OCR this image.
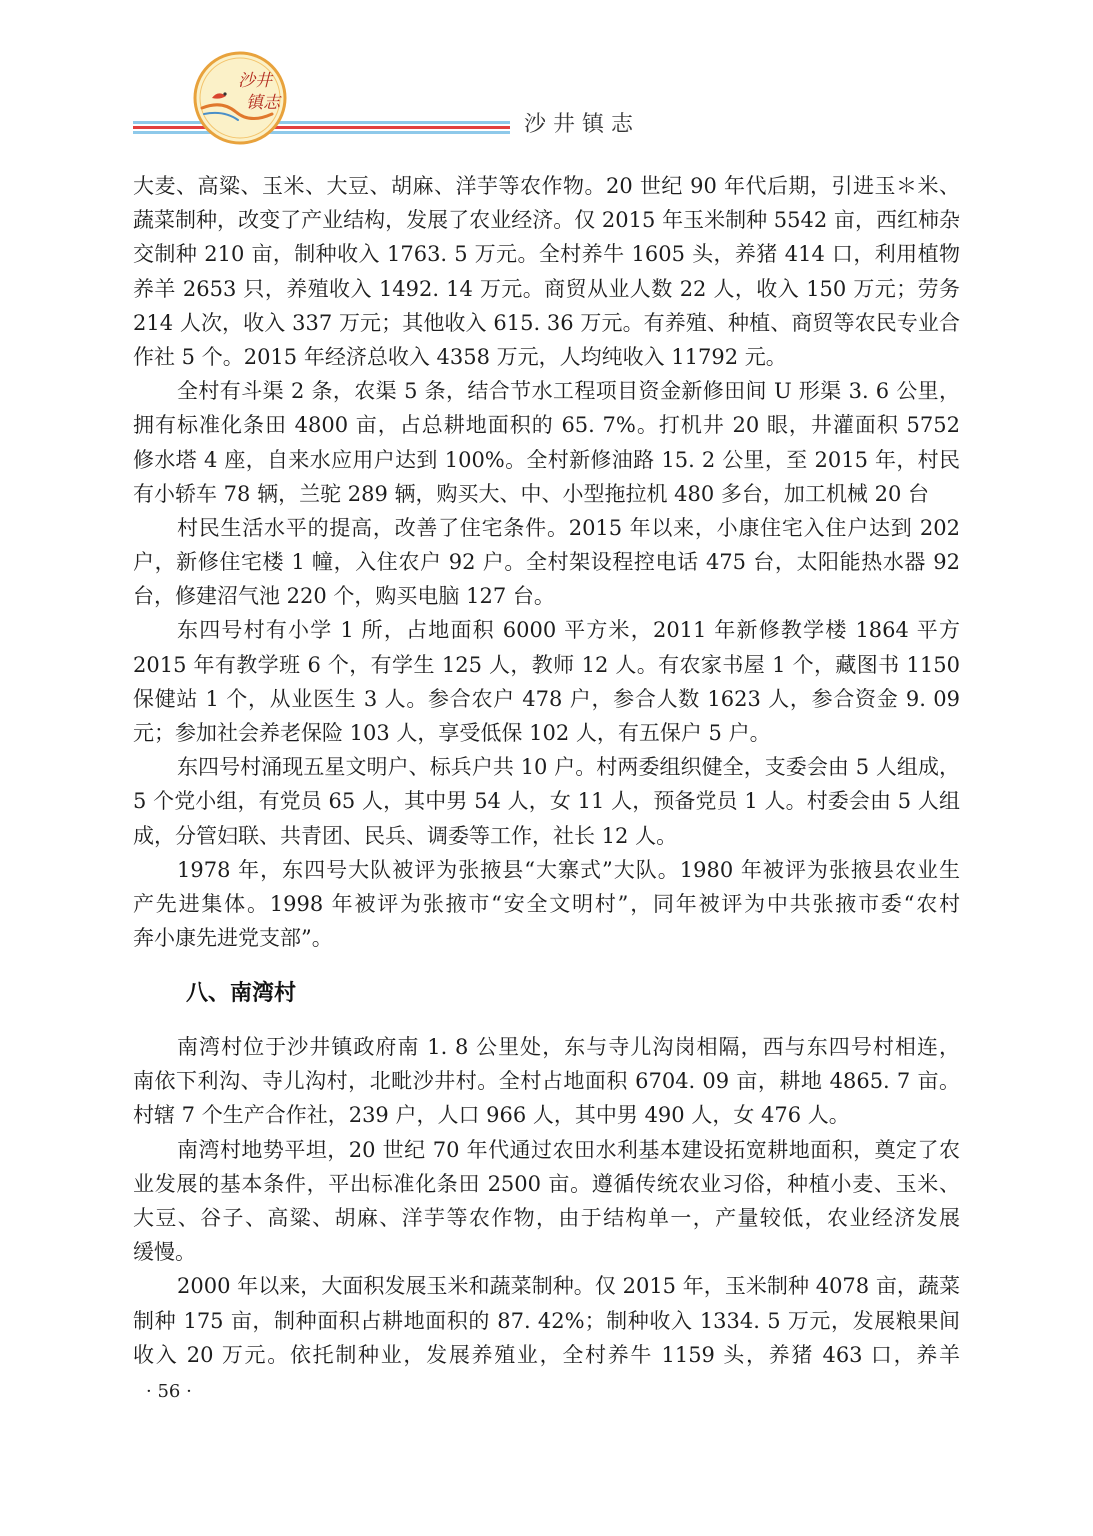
沙井
镇志
沙井镇志
大麦、高粱、玉米、大豆、胡麻、洋芋等农作物。20 世纪 90 年代后期，引进玉＊米、
蔬菜制种，改变了产业结构，发展了农业经济。仅 2015 年玉米制种 5542 亩，西红柿杂
交制种 210 亩，制种收入 1763. 5 万元。全村养牛 1605 头，养猪 414 口，利用植物
养羊 2653 只，养殖收入 1492. 14 万元。商贸从业人数 22 人，收入 150 万元；劳务
214 人次，收入 337 万元；其他收入 615. 36 万元。有养殖、种植、商贸等农民专业合
作社 5 个。2015 年经济总收入 4358 万元，人均纯收入 11792 元。
全村有斗渠 2 条，农渠 5 条，结合节水工程项目资金新修田间 U 形渠 3. 6 公里，
拥有标准化条田 4800 亩，占总耕地面积的 65. 7%。打机井 20 眼，井灌面积 5752
修水塔 4 座，自来水应用户达到 100%。全村新修油路 15. 2 公里，至 2015 年，村民
有小轿车 78 辆，兰驼 289 辆，购买大、中、小型拖拉机 480 多台，加工机械 20 台
村民生活水平的提高，改善了住宅条件。2015 年以来，小康住宅入住户达到 202
户，新修住宅楼 1 幢，入住农户 92 户。全村架设程控电话 475 台，太阳能热水器 92
台，修建沼气池 220 个，购买电脑 127 台。
东四号村有小学 1 所，占地面积 6000 平方米，2011 年新修教学楼 1864 平方
2015 年有教学班 6 个，有学生 125 人，教师 12 人。有农家书屋 1 个，藏图书 1150
保健站 1 个，从业医生 3 人。参合农户 478 户，参合人数 1623 人，参合资金 9. 09
元；参加社会养老保险 103 人，享受低保 102 人，有五保户 5 户。
东四号村涌现五星文明户、标兵户共 10 户。村两委组织健全，支委会由 5 人组成，
5 个党小组，有党员 65 人，其中男 54 人，女 11 人，预备党员 1 人。村委会由 5 人组
成，分管妇联、共青团、民兵、调委等工作，社长 12 人。
1978 年，东四号大队被评为张掖县“大寨式”大队。1980 年被评为张掖县农业生
产先进集体。1998 年被评为张掖市“安全文明村”，同年被评为中共张掖市委“农村
奔小康先进党支部”。
八、南湾村
南湾村位于沙井镇政府南 1. 8 公里处，东与寺儿沟岗相隔，西与东四号村相连，
南依下利沟、寺儿沟村，北毗沙井村。全村占地面积 6704. 09 亩，耕地 4865. 7 亩。
村辖 7 个生产合作社，239 户，人口 966 人，其中男 490 人，女 476 人。
南湾村地势平坦，20 世纪 70 年代通过农田水利基本建设拓宽耕地面积，奠定了农
业发展的基本条件，平出标准化条田 2500 亩。遵循传统农业习俗，种植小麦、玉米、
大豆、谷子、高粱、胡麻、洋芋等农作物，由于结构单一，产量较低，农业经济发展
缓慢。
2000 年以来，大面积发展玉米和蔬菜制种。仅 2015 年，玉米制种 4078 亩，蔬菜
制种 175 亩，制种面积占耕地面积的 87. 42%；制种收入 1334. 5 万元，发展粮果间
收入 20 万元。依托制种业，发展养殖业，全村养牛 1159 头，养猪 463 口，养羊
· 56 ·
